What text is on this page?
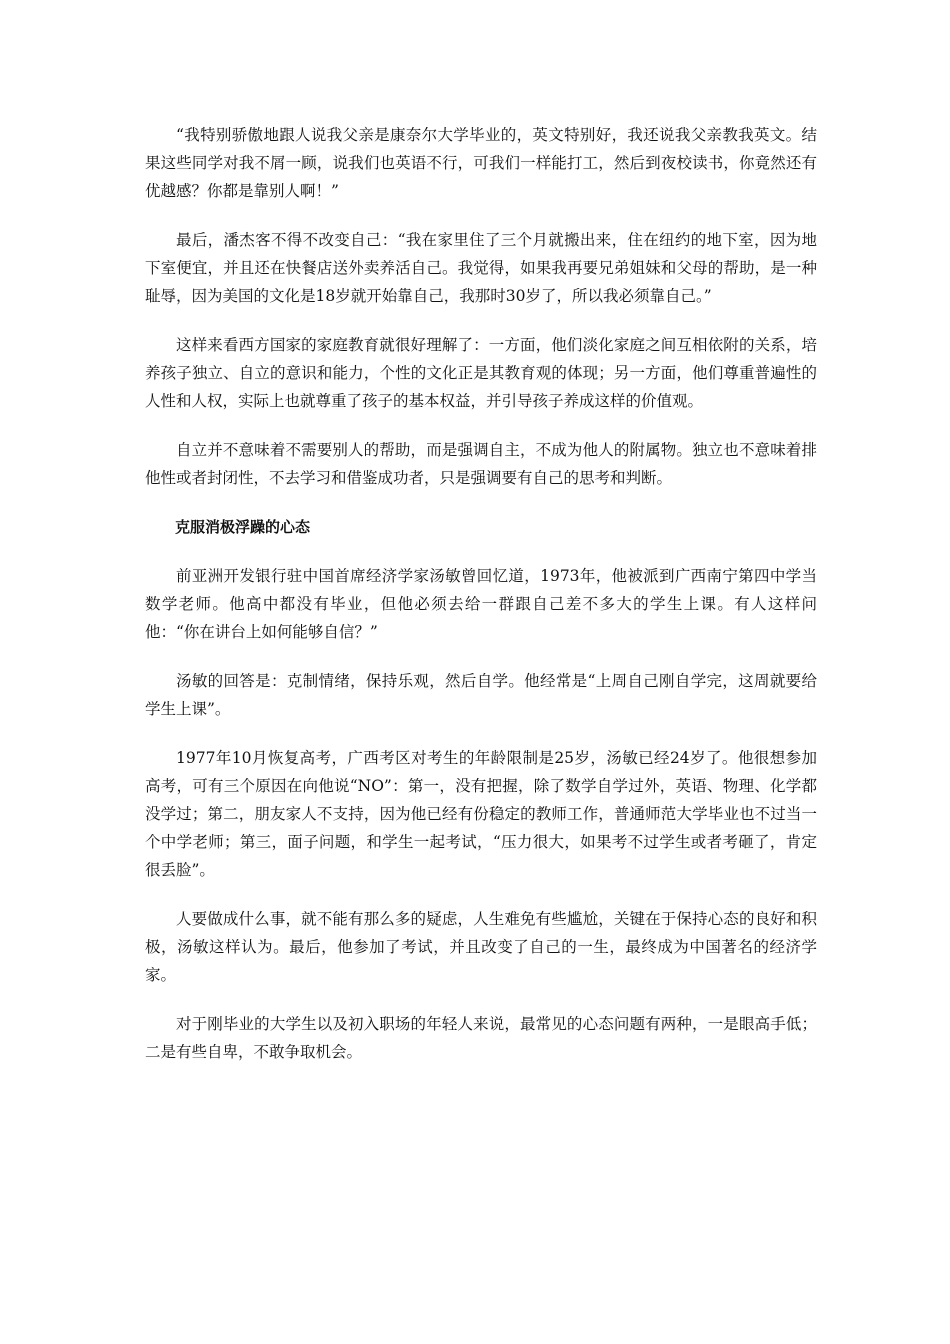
“我特别骄傲地跟人说我父亲是康奈尔大学毕业的，英文特别好，我还说我父亲教我英文。结果这些同学对我不屑一顾，说我们也英语不行，可我们一样能打工，然后到夜校读书，你竟然还有优越感？你都是靠别人啊！”

最后，潘杰客不得不改变自己：“我在家里住了三个月就搬出来，住在纽约的地下室，因为地下室便宜，并且还在快餐店送外卖养活自己。我觉得，如果我再要兄弟姐妹和父母的帮助，是一种耻辱，因为美国的文化是18岁就开始靠自己，我那时30岁了，所以我必须靠自己。”

这样来看西方国家的家庭教育就很好理解了：一方面，他们淡化家庭之间互相依附的关系，培养孩子独立、自立的意识和能力，个性的文化正是其教育观的体现；另一方面，他们尊重普遍性的人性和人权，实际上也就尊重了孩子的基本权益，并引导孩子养成这样的价值观。

自立并不意味着不需要别人的帮助，而是强调自主，不成为他人的附属物。独立也不意味着排他性或者封闭性，不去学习和借鉴成功者，只是强调要有自己的思考和判断。

克服消极浮躁的心态

前亚洲开发银行驻中国首席经济学家汤敏曾回忆道，1973年，他被派到广西南宁第四中学当数学老师。他高中都没有毕业，但他必须去给一群跟自己差不多大的学生上课。有人这样问他：“你在讲台上如何能够自信？”

汤敏的回答是：克制情绪，保持乐观，然后自学。他经常是“上周自己刚自学完，这周就要给学生上课”。

1977年10月恢复高考，广西考区对考生的年龄限制是25岁，汤敏已经24岁了。他很想参加高考，可有三个原因在向他说“NO”：第一，没有把握，除了数学自学过外，英语、物理、化学都没学过；第二，朋友家人不支持，因为他已经有份稳定的教师工作，普通师范大学毕业也不过当一个中学老师；第三，面子问题，和学生一起考试，“压力很大，如果考不过学生或者考砸了，肯定很丢脸”。

人要做成什么事，就不能有那么多的疑虑，人生难免有些尴尬，关键在于保持心态的良好和积极，汤敏这样认为。最后，他参加了考试，并且改变了自己的一生，最终成为中国著名的经济学家。

对于刚毕业的大学生以及初入职场的年轻人来说，最常见的心态问题有两种，一是眼高手低；二是有些自卑，不敢争取机会。
